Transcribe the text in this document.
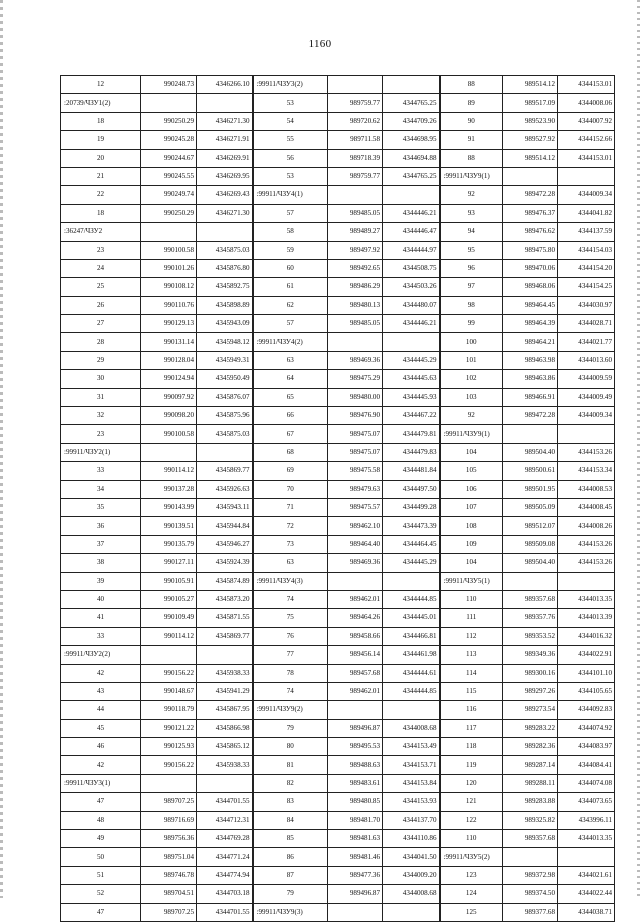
1160
12	990248.73	4346266.10	:99911/ЧЗУ3(2)			88	989514.12	4344153.01
:20739/ЧЗУ1(2)			53	989759.77	4344765.25	89	989517.09	4344008.06
18	990250.29	4346271.30	54	989720.62	4344709.26	90	989523.90	4344007.92
19	990245.28	4346271.91	55	989711.58	4344698.95	91	989527.92	4344152.66
20	990244.67	4346269.91	56	989718.39	4344694.88	88	989514.12	4344153.01
21	990245.55	4346269.95	53	989759.77	4344765.25	:99911/ЧЗУ9(1)		
22	990249.74	4346269.43	:99911/ЧЗУ4(1)			92	989472.28	4344009.34
18	990250.29	4346271.30	57	989485.05	4344446.21	93	989476.37	4344041.82
:36247/ЧЗУ2			58	989489.27	4344446.47	94	989476.62	4344137.59
23	990100.58	4345875.03	59	989497.92	4344444.97	95	989475.80	4344154.03
24	990101.26	4345876.80	60	989492.65	4344508.75	96	989470.06	4344154.20
25	990108.12	4345892.75	61	989486.29	4344503.26	97	989468.06	4344154.25
26	990110.76	4345898.89	62	989480.13	4344480.07	98	989464.45	4344030.97
27	990129.13	4345943.09	57	989485.05	4344446.21	99	989464.39	4344028.71
28	990131.14	4345948.12	:99911/ЧЗУ4(2)			100	989464.21	4344021.77
29	990128.04	4345949.31	63	989469.36	4344445.29	101	989463.98	4344013.60
30	990124.94	4345950.49	64	989475.29	4344445.63	102	989463.86	4344009.59
31	990097.92	4345876.07	65	989480.00	4344445.93	103	989466.91	4344009.49
32	990098.20	4345875.96	66	989476.90	4344467.22	92	989472.28	4344009.34
23	990100.58	4345875.03	67	989475.07	4344479.81	:99911/ЧЗУ9(1)		
:99911/ЧЗУ2(1)			68	989475.07	4344479.83	104	989504.40	4344153.26
33	990114.12	4345869.77	69	989475.58	4344481.84	105	989500.61	4344153.34
34	990137.28	4345926.63	70	989479.63	4344497.50	106	989501.95	4344008.53
35	990143.99	4345943.11	71	989475.57	4344499.28	107	989505.09	4344008.45
36	990139.51	4345944.84	72	989462.10	4344473.39	108	989512.07	4344008.26
37	990135.79	4345946.27	73	989464.40	4344464.45	109	989509.08	4344153.26
38	990127.11	4345924.39	63	989469.36	4344445.29	104	989504.40	4344153.26
39	990105.91	4345874.89	:99911/ЧЗУ4(3)			:99911/ЧЗУ5(1)		
40	990105.27	4345873.20	74	989462.01	4344444.85	110	989357.68	4344013.35
41	990109.49	4345871.55	75	989464.26	4344445.01	111	989357.76	4344013.39
33	990114.12	4345869.77	76	989458.66	4344466.81	112	989353.52	4344016.32
:99911/ЧЗУ2(2)			77	989456.14	4344461.98	113	989349.36	4344022.91
42	990156.22	4345938.33	78	989457.68	4344444.61	114	989300.16	4344101.10
43	990148.67	4345941.29	74	989462.01	4344444.85	115	989297.26	4344105.65
44	990118.79	4345867.95	:99911/ЧЗУ9(2)			116	989273.54	4344092.83
45	990121.22	4345866.98	79	989496.87	4344008.68	117	989283.22	4344074.92
46	990125.93	4345865.12	80	989495.53	4344153.49	118	989282.36	4344083.97
42	990156.22	4345938.33	81	989488.63	4344153.71	119	989287.14	4344084.41
:99911/ЧЗУ3(1)			82	989483.61	4344153.84	120	989288.11	4344074.08
47	989707.25	4344701.55	83	989480.85	4344153.93	121	989283.88	4344073.65
48	989716.69	4344712.31	84	989481.70	4344137.70	122	989325.82	4343996.11
49	989756.36	4344769.28	85	989481.63	4344110.86	110	989357.68	4344013.35
50	989751.04	4344771.24	86	989481.46	4344041.50	:99911/ЧЗУ5(2)		
51	989746.78	4344774.94	87	989477.36	4344009.20	123	989372.98	4344021.61
52	989704.51	4344703.18	79	989496.87	4344008.68	124	989374.50	4344022.44
47	989707.25	4344701.55	:99911/ЧЗУ9(3)			125	989377.68	4344038.71
